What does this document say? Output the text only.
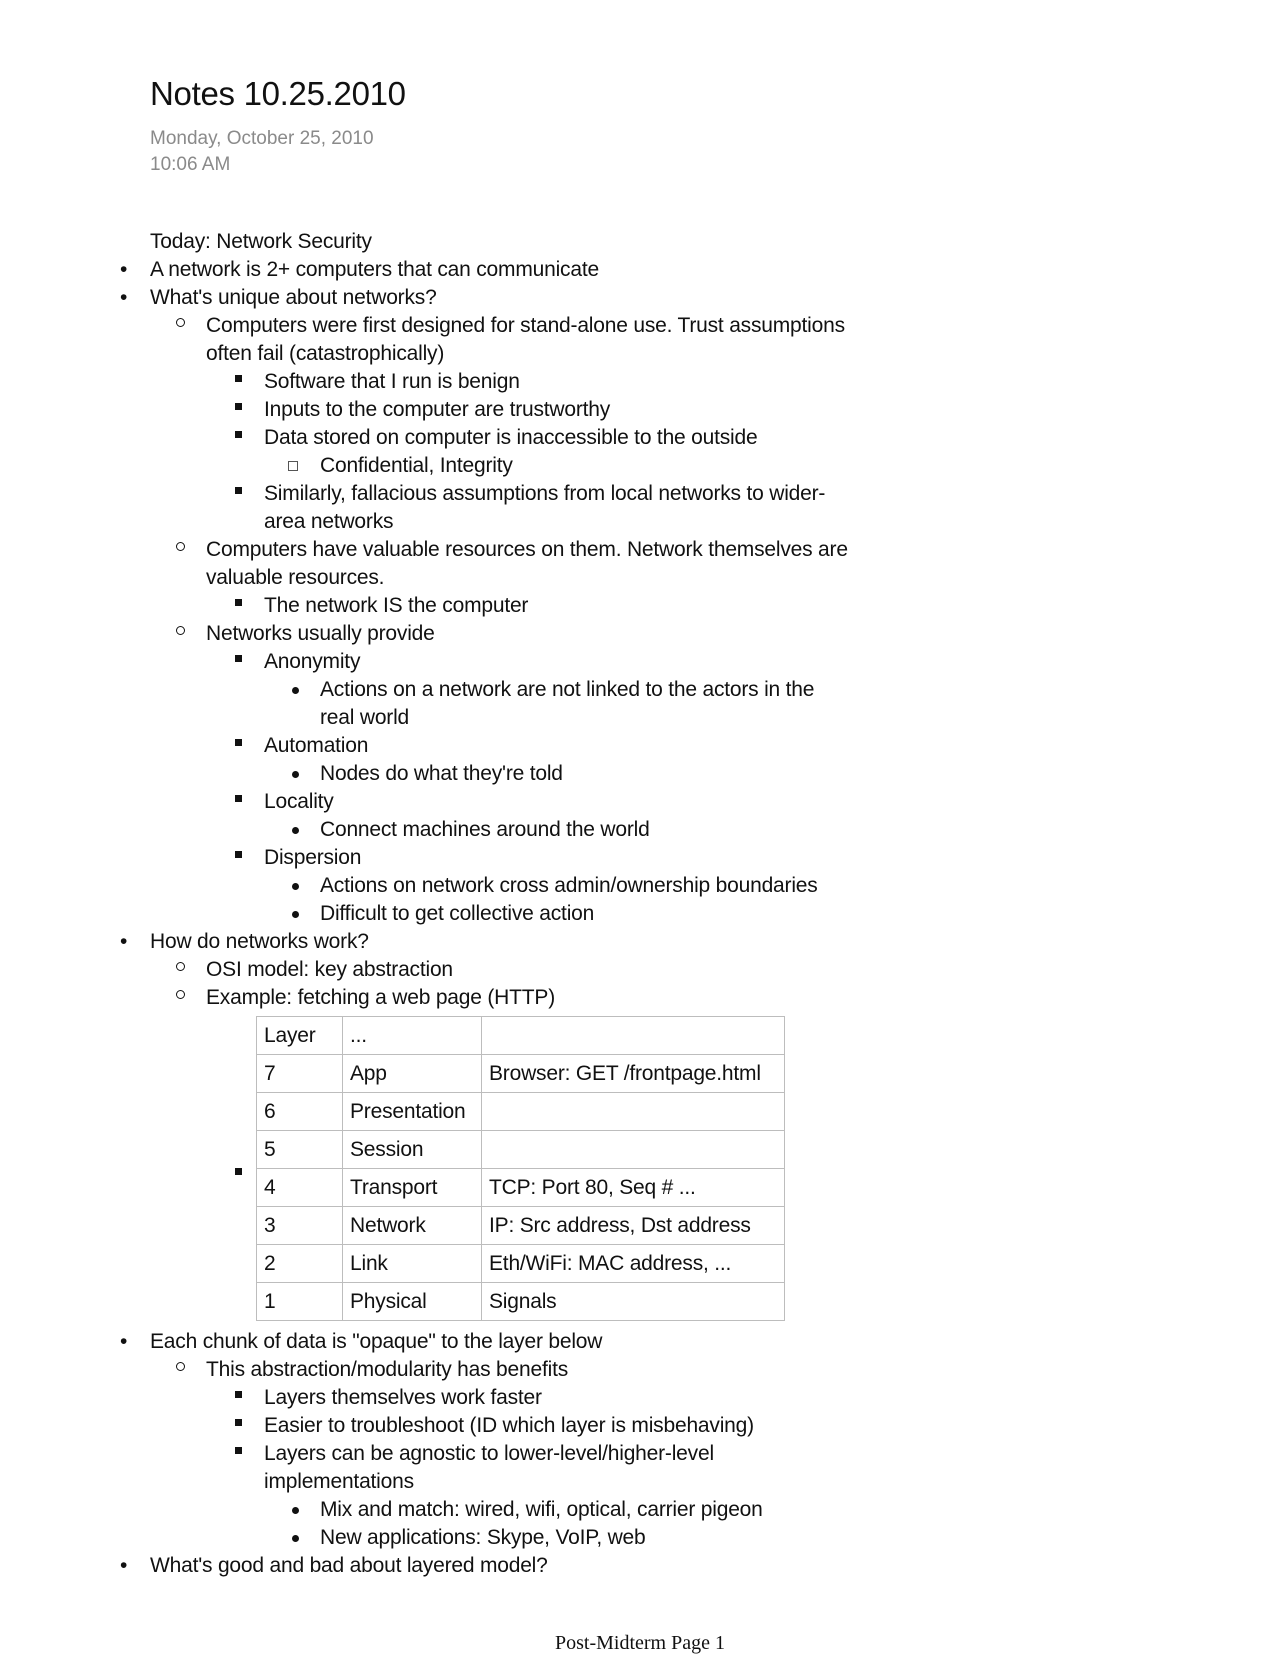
Notes 10.25.2010
Monday, October 25, 2010
10:06 AM
Today: Network Security
• A network is 2+ computers that can communicate
• What's unique about networks?
Computers were first designed for stand-alone use. Trust assumptions
often fail (catastrophically)
Software that I run is benign
Inputs to the computer are trustworthy
Data stored on computer is inaccessible to the outside
Confidential, Integrity
Similarly, fallacious assumptions from local networks to wider-
area networks
Computers have valuable resources on them. Network themselves are
valuable resources.
The network IS the computer
Networks usually provide
Anonymity
Actions on a network are not linked to the actors in the
real world
Automation
Nodes do what they're told
Locality
Connect machines around the world
Dispersion
Actions on network cross admin/ownership boundaries
Difficult to get collective action
• How do networks work?
OSI model: key abstraction
Example: fetching a web page (HTTP)
Layer	...	
7	App	Browser: GET /frontpage.html
6	Presentation	
5	Session	
4	Transport	TCP: Port 80, Seq # ...
3	Network	IP: Src address, Dst address
2	Link	Eth/WiFi: MAC address, ...
1	Physical	Signals
• Each chunk of data is "opaque" to the layer below
This abstraction/modularity has benefits
Layers themselves work faster
Easier to troubleshoot (ID which layer is misbehaving)
Layers can be agnostic to lower-level/higher-level
implementations
Mix and match: wired, wifi, optical, carrier pigeon
New applications: Skype, VoIP, web
• What's good and bad about layered model?
Post-Midterm Page 1
